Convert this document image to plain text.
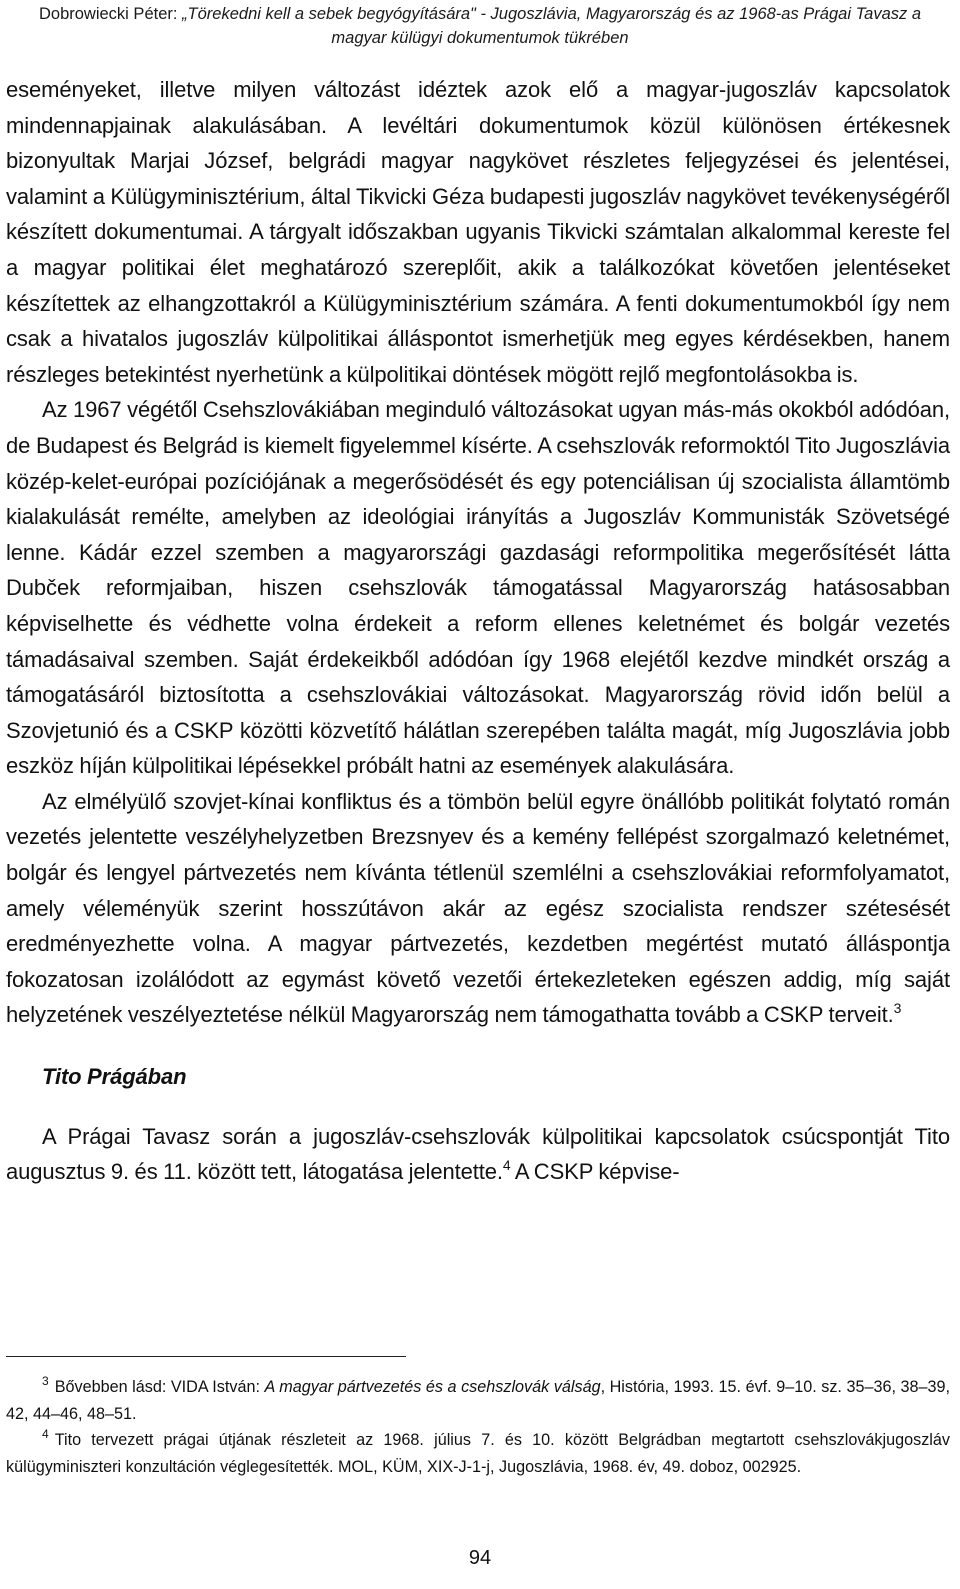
Dobrowiecki Péter: „Törekedni kell a sebek begyógyítására" - Jugoszlávia, Magyarország és az 1968-as Prágai Tavasz a
magyar külügyi dokumentumok tükrében

eseményeket, illetve milyen változást idéztek azok elő a magyar-jugoszláv kapcsolatok mindennapjainak alakulásában. A levéltári dokumentumok közül különösen értékesnek bizonyultak Marjai József, belgrádi magyar nagykövet részletes feljegyzései és jelentései, valamint a Külügyminisztérium, által Tikvicki Géza budapesti jugoszláv nagykövet tevékenységéről készített dokumentumai. A tárgyalt időszakban ugyanis Tikvicki számtalan alkalommal kereste fel a magyar politikai élet meghatározó szereplőit, akik a találkozókat követően jelentéseket készítettek az elhangzottakról a Külügyminisztérium számára. A fenti dokumentumokból így nem csak a hivatalos jugoszláv külpolitikai álláspontot ismerhetjük meg egyes kérdésekben, hanem részleges betekintést nyerhetünk a külpolitikai döntések mögött rejlő megfontolásokba is.

Az 1967 végétől Csehszlovákiában meginduló változásokat ugyan más-más okokból adódóan, de Budapest és Belgrád is kiemelt figyelemmel kísérte. A csehszlovák reformoktól Tito Jugoszlávia közép-kelet-európai pozíciójának a megerősödését és egy potenciálisan új szocialista államtömb kialakulását remélte, amelyben az ideológiai irányítás a Jugoszláv Kommunisták Szövetségé lenne. Kádár ezzel szemben a magyarországi gazdasági reformpolitika megerősítését látta Dubček reformjaiban, hiszen csehszlovák támogatással Magyarország hatásosabban képviselhette és védhette volna érdekeit a reform ellenes keletnémet és bolgár vezetés támadásaival szemben. Saját érdekeikből adódóan így 1968 elejétől kezdve mindkét ország a támogatásáról biztosította a csehszlovákiai változásokat. Magyarország rövid időn belül a Szovjetunió és a CSKP közötti közvetítő hálátlan szerepében találta magát, míg Jugoszlávia jobb eszköz híján külpolitikai lépésekkel próbált hatni az események alakulására.

Az elmélyülő szovjet-kínai konfliktus és a tömbön belül egyre önállóbb politikát folytató román vezetés jelentette veszélyhelyzetben Brezsnyev és a kemény fellépést szorgalmazó keletnémet, bolgár és lengyel pártvezetés nem kívánta tétlenül szemlélni a csehszlovákiai reformfolyamatot, amely véleményük szerint hosszútávon akár az egész szocialista rendszer szétesését eredményezhette volna. A magyar pártvezetés, kezdetben megértést mutató álláspontja fokozatosan izolálódott az egymást követő vezetői értekezleteken egészen addig, míg saját helyzetének veszélyeztetése nélkül Magyarország nem támogathatta tovább a CSKP terveit.$^3$

Tito Prágában

A Prágai Tavasz során a jugoszláv-csehszlovák külpolitikai kapcsolatok csúcspontját Tito augusztus 9. és 11. között tett, látogatása jelentette.$^4$ A CSKP képvise-

$^3$ Bővebben lásd: VIDA István: A magyar pártvezetés és a csehszlovák válság, História, 1993. 15. évf. 9–10. sz. 35–36, 38–39, 42, 44–46, 48–51.

$^4$ Tito tervezett prágai útjának részleteit az 1968. július 7. és 10. között Belgrádban megtartott csehszlovákjugoszláv külügyminiszteri konzultáción véglegesítették. MOL, KÜM, XIX-J-1-j, Jugoszlávia, 1968. év, 49. doboz, 002925.

94
